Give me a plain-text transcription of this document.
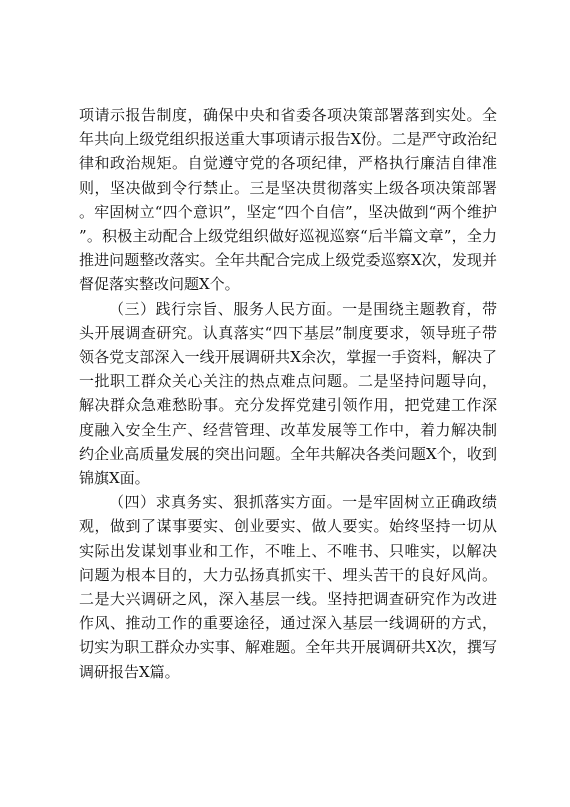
项请示报告制度，确保中央和省委各项决策部署落到实处。全年共向上级党组织报送重大事项请示报告X份。二是严守政治纪律和政治规矩。自觉遵守党的各项纪律，严格执行廉洁自律准则，坚决做到令行禁止。三是坚决贯彻落实上级各项决策部署。牢固树立“四个意识”，坚定“四个自信”，坚决做到“两个维护”。积极主动配合上级党组织做好巡视巡察“后半篇文章”，全力推进问题整改落实。全年共配合完成上级党委巡察X次，发现并督促落实整改问题X个。

（三）践行宗旨、服务人民方面。一是围绕主题教育，带头开展调查研究。认真落实“四下基层”制度要求，领导班子带领各党支部深入一线开展调研共X余次，掌握一手资料，解决了一批职工群众关心关注的热点难点问题。二是坚持问题导向，解决群众急难愁盼事。充分发挥党建引领作用，把党建工作深度融入安全生产、经营管理、改革发展等工作中，着力解决制约企业高质量发展的突出问题。全年共解决各类问题X个，收到锦旗X面。

（四）求真务实、狠抓落实方面。一是牢固树立正确政绩观，做到了谋事要实、创业要实、做人要实。始终坚持一切从实际出发谋划事业和工作，不唯上、不唯书、只唯实，以解决问题为根本目的，大力弘扬真抓实干、埋头苦干的良好风尚。二是大兴调研之风，深入基层一线。坚持把调查研究作为改进作风、推动工作的重要途径，通过深入基层一线调研的方式，切实为职工群众办实事、解难题。全年共开展调研共X次，撰写调研报告X篇。
